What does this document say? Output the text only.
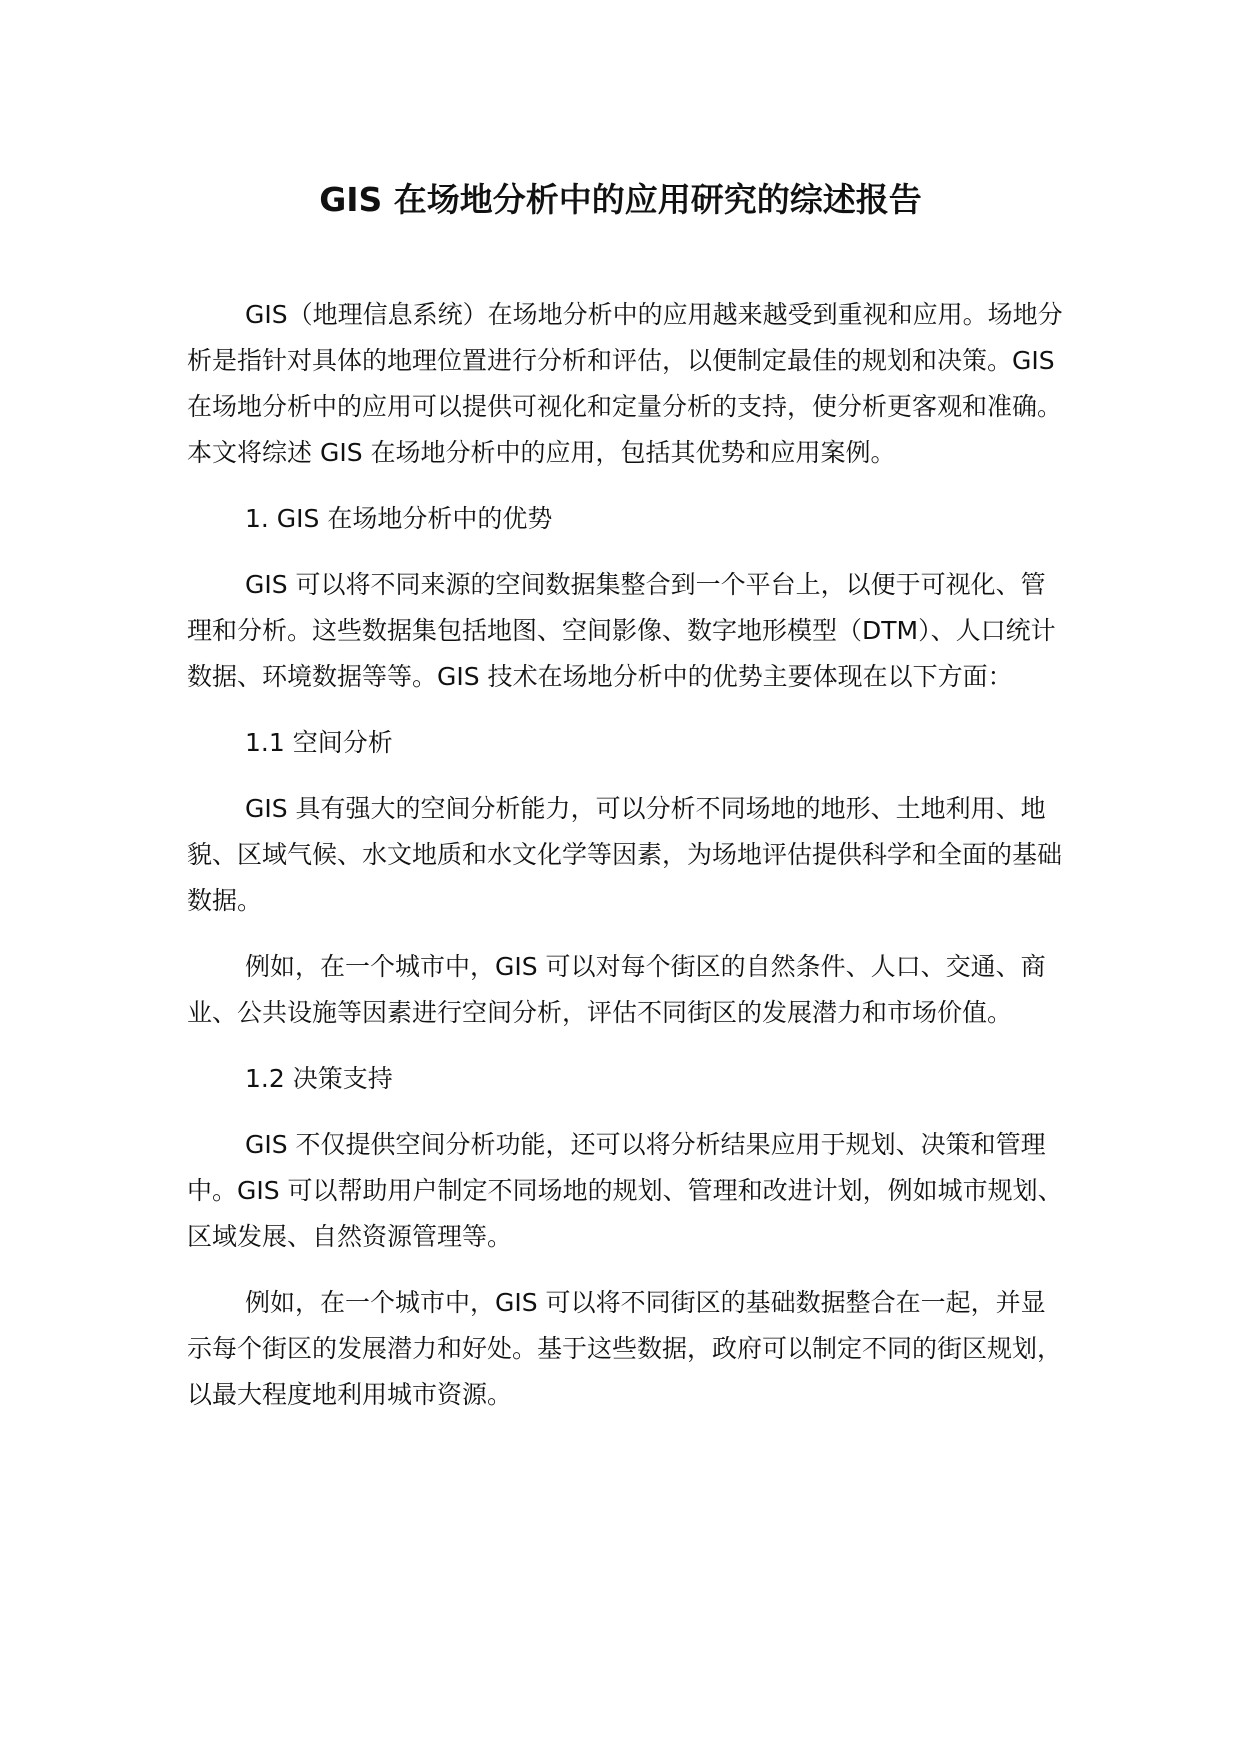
GIS 在场地分析中的应用研究的综述报告

GIS（地理信息系统）在场地分析中的应用越来越受到重视和应用。场地分析是指针对具体的地理位置进行分析和评估，以便制定最佳的规划和决策。GIS 在场地分析中的应用可以提供可视化和定量分析的支持，使分析更客观和准确。本文将综述 GIS 在场地分析中的应用，包括其优势和应用案例。

1. GIS 在场地分析中的优势

GIS 可以将不同来源的空间数据集整合到一个平台上，以便于可视化、管理和分析。这些数据集包括地图、空间影像、数字地形模型（DTM）、人口统计数据、环境数据等等。GIS 技术在场地分析中的优势主要体现在以下方面：

1.1 空间分析

GIS 具有强大的空间分析能力，可以分析不同场地的地形、土地利用、地貌、区域气候、水文地质和水文化学等因素，为场地评估提供科学和全面的基础数据。

例如，在一个城市中，GIS 可以对每个街区的自然条件、人口、交通、商业、公共设施等因素进行空间分析，评估不同街区的发展潜力和市场价值。

1.2 决策支持

GIS 不仅提供空间分析功能，还可以将分析结果应用于规划、决策和管理中。GIS 可以帮助用户制定不同场地的规划、管理和改进计划，例如城市规划、区域发展、自然资源管理等。

例如，在一个城市中，GIS 可以将不同街区的基础数据整合在一起，并显示每个街区的发展潜力和好处。基于这些数据，政府可以制定不同的街区规划，以最大程度地利用城市资源。
